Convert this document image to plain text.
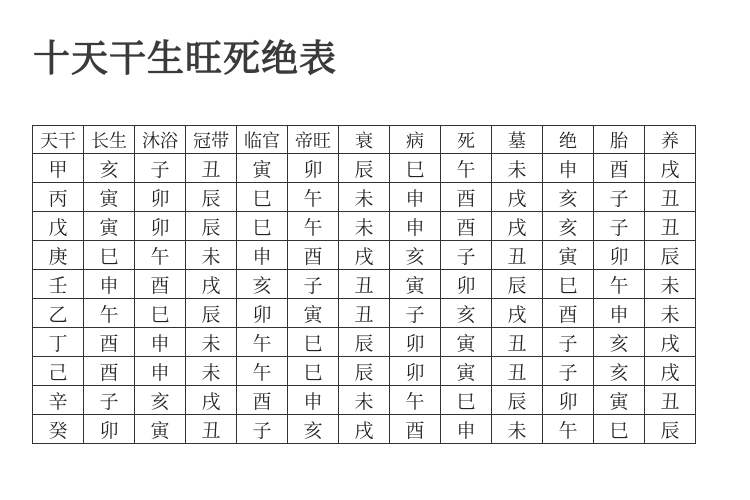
十天干生旺死绝表
天干	长生	沐浴	冠带	临官	帝旺	衰	病	死	墓	绝	胎	养
甲	亥	子	丑	寅	卯	辰	巳	午	未	申	酉	戌
丙	寅	卯	辰	巳	午	未	申	酉	戌	亥	子	丑
戊	寅	卯	辰	巳	午	未	申	酉	戌	亥	子	丑
庚	巳	午	未	申	酉	戌	亥	子	丑	寅	卯	辰
壬	申	酉	戌	亥	子	丑	寅	卯	辰	巳	午	未
乙	午	巳	辰	卯	寅	丑	子	亥	戌	酉	申	未
丁	酉	申	未	午	巳	辰	卯	寅	丑	子	亥	戌
己	酉	申	未	午	巳	辰	卯	寅	丑	子	亥	戌
辛	子	亥	戌	酉	申	未	午	巳	辰	卯	寅	丑
癸	卯	寅	丑	子	亥	戌	酉	申	未	午	巳	辰
